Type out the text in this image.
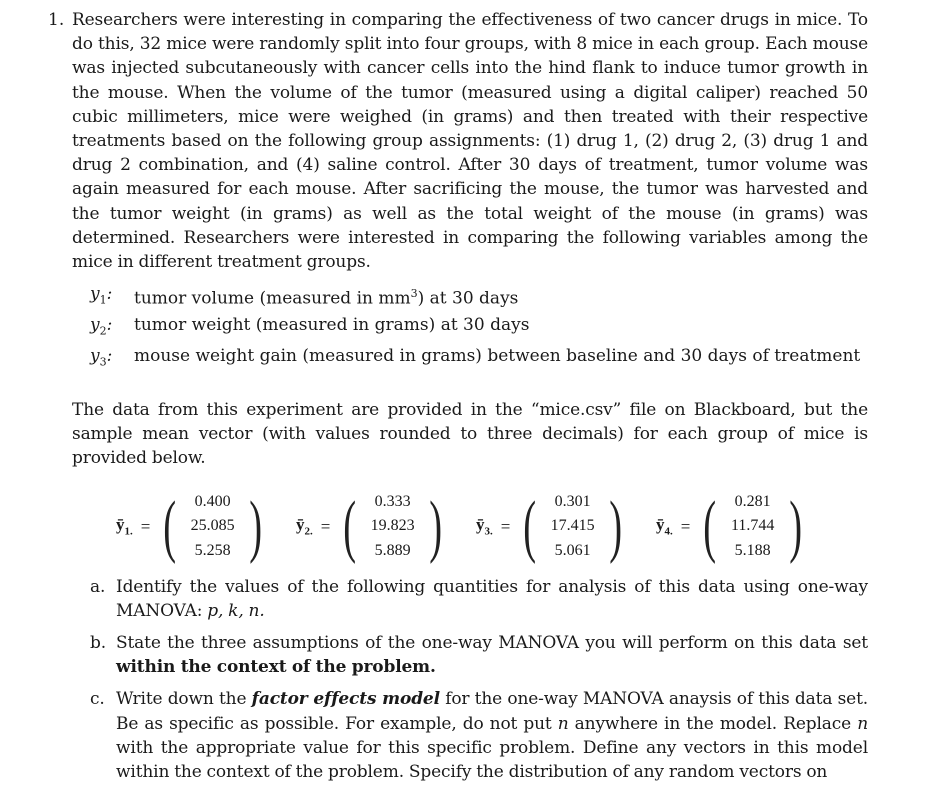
1. Researchers were interesting in comparing the effectiveness of two cancer drugs in mice. To do this, 32 mice were randomly split into four groups, with 8 mice in each group. Each mouse was injected subcutaneously with cancer cells into the hind flank to induce tumor growth in the mouse. When the volume of the tumor (measured using a digital caliper) reached 50 cubic millimeters, mice were weighed (in grams) and then treated with their respective treatments based on the following group assignments: (1) drug 1, (2) drug 2, (3) drug 1 and drug 2 combination, and (4) saline control. After 30 days of treatment, tumor volume was again measured for each mouse. After sacrificing the mouse, the tumor was harvested and the tumor weight (in grams) as well as the total weight of the mouse (in grams) was determined. Researchers were interested in comparing the following variables among the mice in different treatment groups.
$y_1$:	tumor volume (measured in $mm^3$) at 30 days
$y_2$:	tumor weight (measured in grams) at 30 days
$y_3$:	mouse weight gain (measured in grams) between baseline and 30 days of treatment
The data from this experiment are provided in the “mice.csv” file on Blackboard, but the sample mean vector (with values rounded to three decimals) for each group of mice is provided below.
$ȳ_{1.}$ = ( 0.400
25.085
5.258 ) $ȳ_{2.}$ = ( 0.333
19.823
5.889 ) $ȳ_{3.}$ = ( 0.301
17.415
5.061 ) $ȳ_{4.}$ = ( 0.281
11.744
5.188 )
a. Identify the values of the following quantities for analysis of this data using one-way MANOVA: p, k, n.
b. State the three assumptions of the one-way MANOVA you will perform on this data set within the context of the problem.
c. Write down the factor effects model for the one-way MANOVA anaysis of this data set. Be as specific as possible. For example, do not put n anywhere in the model. Replace n with the appropriate value for this specific problem. Define any vectors in this model within the context of the problem. Specify the distribution of any random vectors on
